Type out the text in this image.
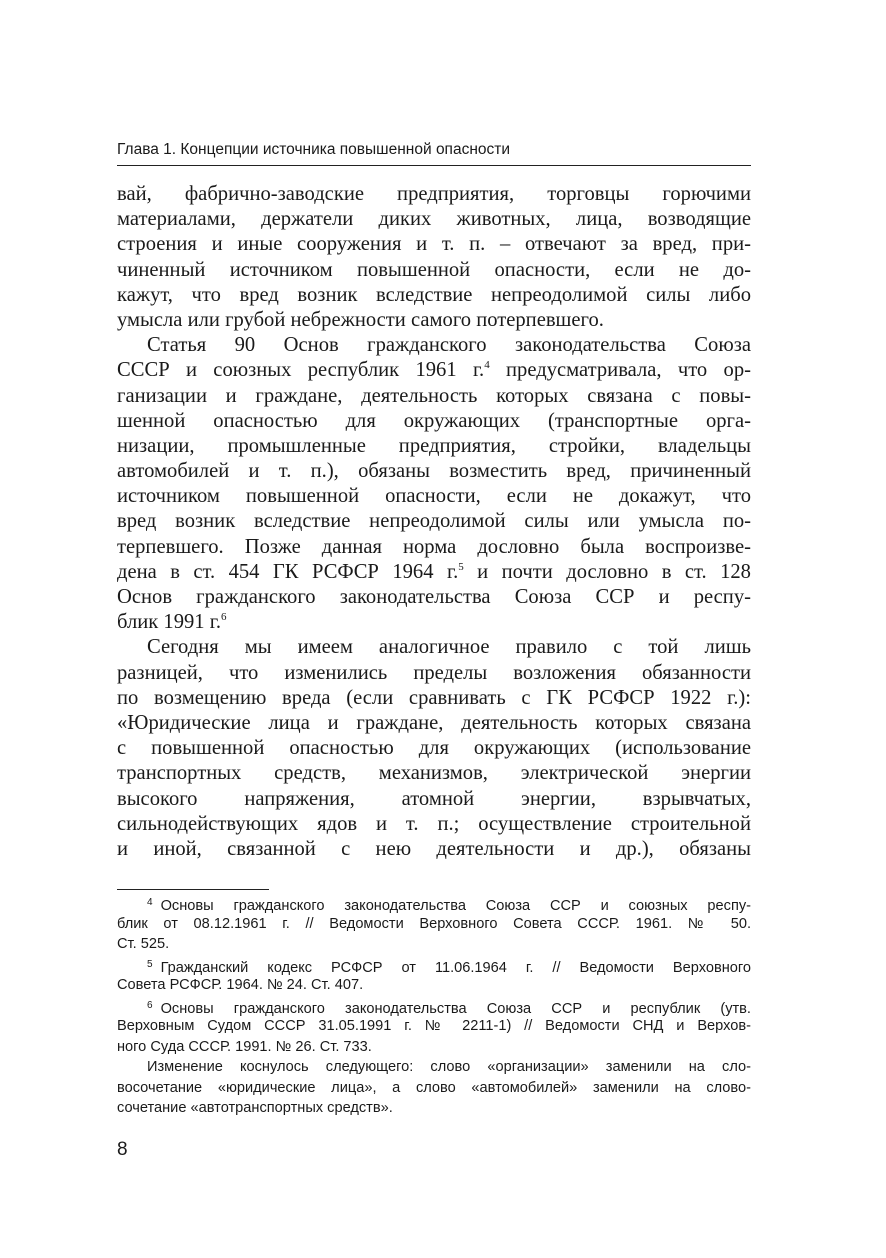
Глава 1. Концепции источника повышенной опасности

вай, фабрично-заводские предприятия, торговцы горючими
материалами, держатели диких животных, лица, возводящие
строения и иные сооружения и т. п. – отвечают за вред, при-
чиненный источником повышенной опасности, если не до-
кажут, что вред возник вследствие непреодолимой силы либо
умысла или грубой небрежности самого потерпевшего.

Статья 90 Основ гражданского законодательства Союза
СССР и союзных республик 1961 г.$^4$ предусматривала, что ор-
ганизации и граждане, деятельность которых связана с повы-
шенной опасностью для окружающих (транспортные орга-
низации, промышленные предприятия, стройки, владельцы
автомобилей и т. п.), обязаны возместить вред, причиненный
источником повышенной опасности, если не докажут, что
вред возник вследствие непреодолимой силы или умысла по-
терпевшего. Позже данная норма дословно была воспроизве-
дена в ст. 454 ГК РСФСР 1964 г.$^5$ и почти дословно в ст. 128
Основ гражданского законодательства Союза ССР и респу-
блик 1991 г.$^6$

Сегодня мы имеем аналогичное правило с той лишь
разницей, что изменились пределы возложения обязанности
по возмещению вреда (если сравнивать с ГК РСФСР 1922 г.):
«Юридические лица и граждане, деятельность которых связана
с повышенной опасностью для окружающих (использование
транспортных средств, механизмов, электрической энергии
высокого напряжения, атомной энергии, взрывчатых,
сильнодействующих ядов и т. п.; осуществление строительной
и иной, связанной с нею деятельности и др.), обязаны

$^4$ Основы гражданского законодательства Союза ССР и союзных респу-
блик от 08.12.1961 г. // Ведомости Верховного Совета СССР. 1961. № 50.
Ст. 525.
$^5$ Гражданский кодекс РСФСР от 11.06.1964 г. // Ведомости Верховного
Совета РСФСР. 1964. № 24. Ст. 407.
$^6$ Основы гражданского законодательства Союза ССР и республик (утв.
Верховным Судом СССР 31.05.1991 г. № 2211-1) // Ведомости СНД и Верхов-
ного Суда СССР. 1991. № 26. Ст. 733.
Изменение коснулось следующего: слово «организации» заменили на сло-
восочетание «юридические лица», а слово «автомобилей» заменили на слово-
сочетание «автотранспортных средств».
8
